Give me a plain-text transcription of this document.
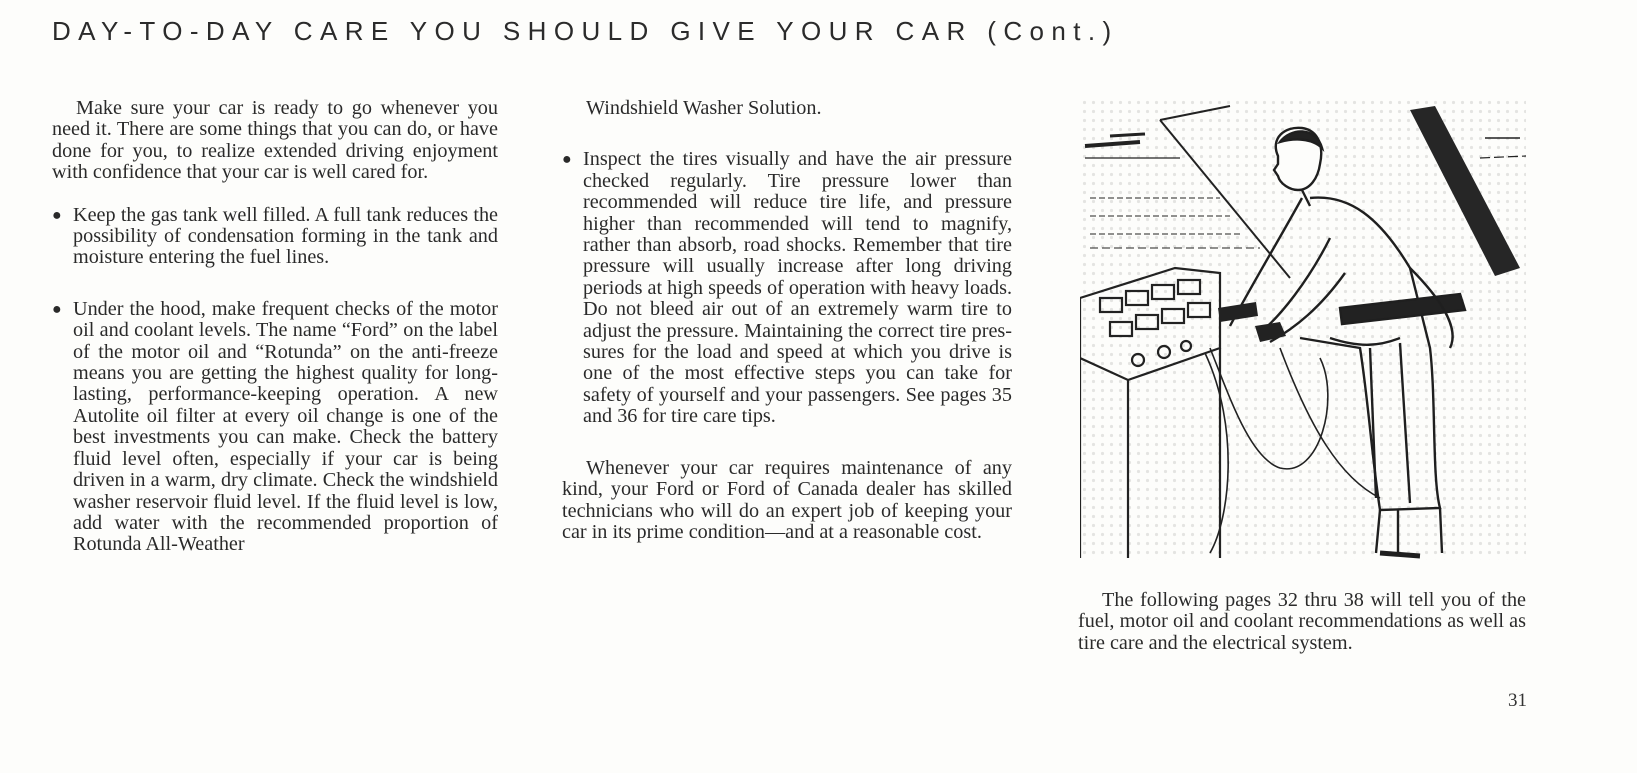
DAY-TO-DAY CARE YOU SHOULD GIVE YOUR CAR (Cont.)

Make sure your car is ready to go whenever you need it. There are some things that you can do, or have done for you, to realize extended driving enjoyment with confidence that your car is well cared for.

● Keep the gas tank well filled. A full tank reduces the possibility of condensation forming in the tank and moisture entering the fuel lines.

● Under the hood, make frequent checks of the motor oil and coolant levels. The name “Ford” on the label of the motor oil and “Rotunda” on the anti-freeze means you are getting the highest quality for long-lasting, performance-keeping operation. A new Autolite oil filter at every oil change is one of the best investments you can make. Check the battery fluid level often, especially if your car is being driven in a warm, dry climate. Check the windshield washer reservoir fluid level. If the fluid level is low, add water with the recommended proportion of Rotunda All-Weather

Windshield Washer Solution.

● Inspect the tires visually and have the air pressure checked regularly. Tire pressure lower than recommended will reduce tire life, and pressure higher than recommended will tend to magnify, rather than absorb, road shocks. Remember that tire pressure will usually increase after long driving periods at high speeds of operation with heavy loads. Do not bleed air out of an extremely warm tire to adjust the pressure. Maintaining the correct tire pressures for the load and speed at which you drive is one of the most effective steps you can take for safety of yourself and your passengers. See pages 35 and 36 for tire care tips.

Whenever your car requires maintenance of any kind, your Ford or Ford of Canada dealer has skilled technicians who will do an expert job of keeping your car in its prime condition—and at a reasonable cost.

The following pages 32 thru 38 will tell you of the fuel, motor oil and coolant recommendations as well as tire care and the electrical system.

31
